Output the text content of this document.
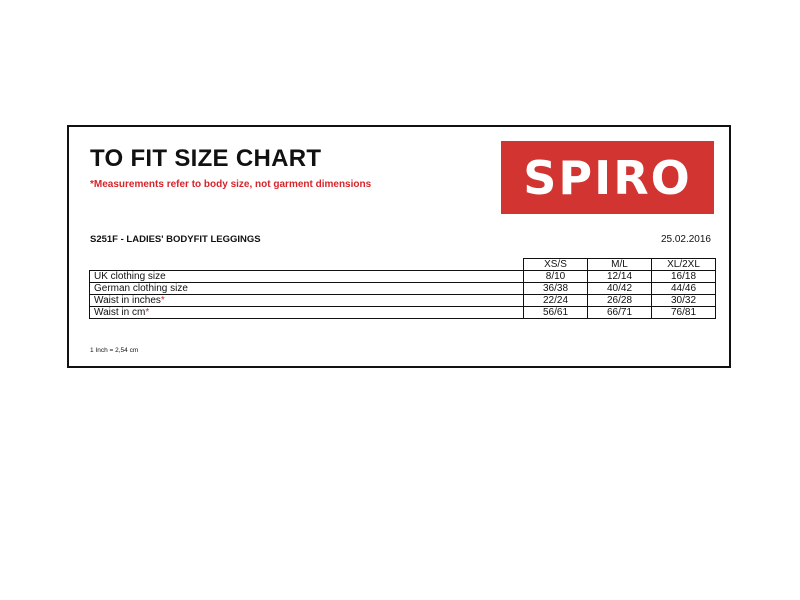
TO FIT SIZE CHART
*Measurements refer to body size, not garment dimensions	SPIRO
S251F - LADIES' BODYFIT LEGGINGS	25.02.2016
	XS/S	M/L	XL/2XL
UK clothing size	8/10	12/14	16/18
German clothing size	36/38	40/42	44/46
Waist in inches*	22/24	26/28	30/32
Waist in cm*	56/61	66/71	76/81
1 Inch = 2,54 cm
